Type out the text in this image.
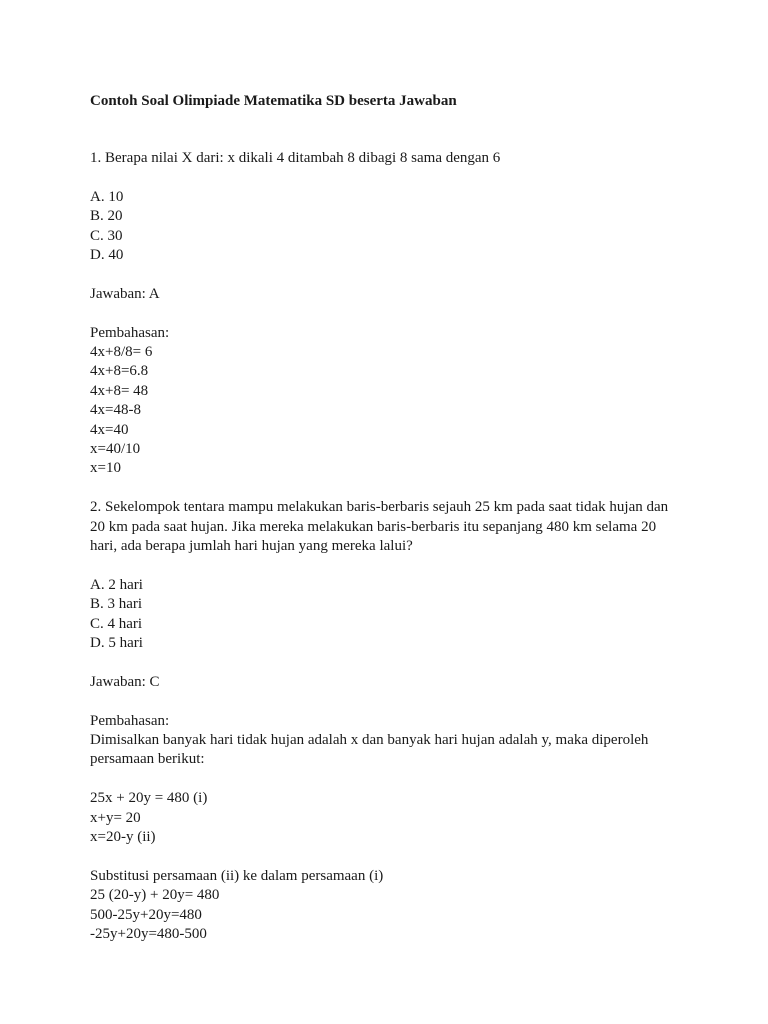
Contoh Soal Olimpiade Matematika SD beserta Jawaban

1. Berapa nilai X dari: x dikali 4 ditambah 8 dibagi 8 sama dengan 6
A. 10
B. 20
C. 30
D. 40
Jawaban: A
Pembahasan:
4x+8/8= 6
4x+8=6.8
4x+8= 48
4x=48-8
4x=40
x=40/10
x=10
2. Sekelompok tentara mampu melakukan baris-berbaris sejauh 25 km pada saat tidak hujan dan
20 km pada saat hujan. Jika mereka melakukan baris-berbaris itu sepanjang 480 km selama 20
hari, ada berapa jumlah hari hujan yang mereka lalui?
A. 2 hari
B. 3 hari
C. 4 hari
D. 5 hari
Jawaban: C
Pembahasan:
Dimisalkan banyak hari tidak hujan adalah x dan banyak hari hujan adalah y, maka diperoleh
persamaan berikut:
25x + 20y = 480 (i)
x+y= 20
x=20-y (ii)
Substitusi persamaan (ii) ke dalam persamaan (i)
25 (20-y) + 20y= 480
500-25y+20y=480
-25y+20y=480-500
